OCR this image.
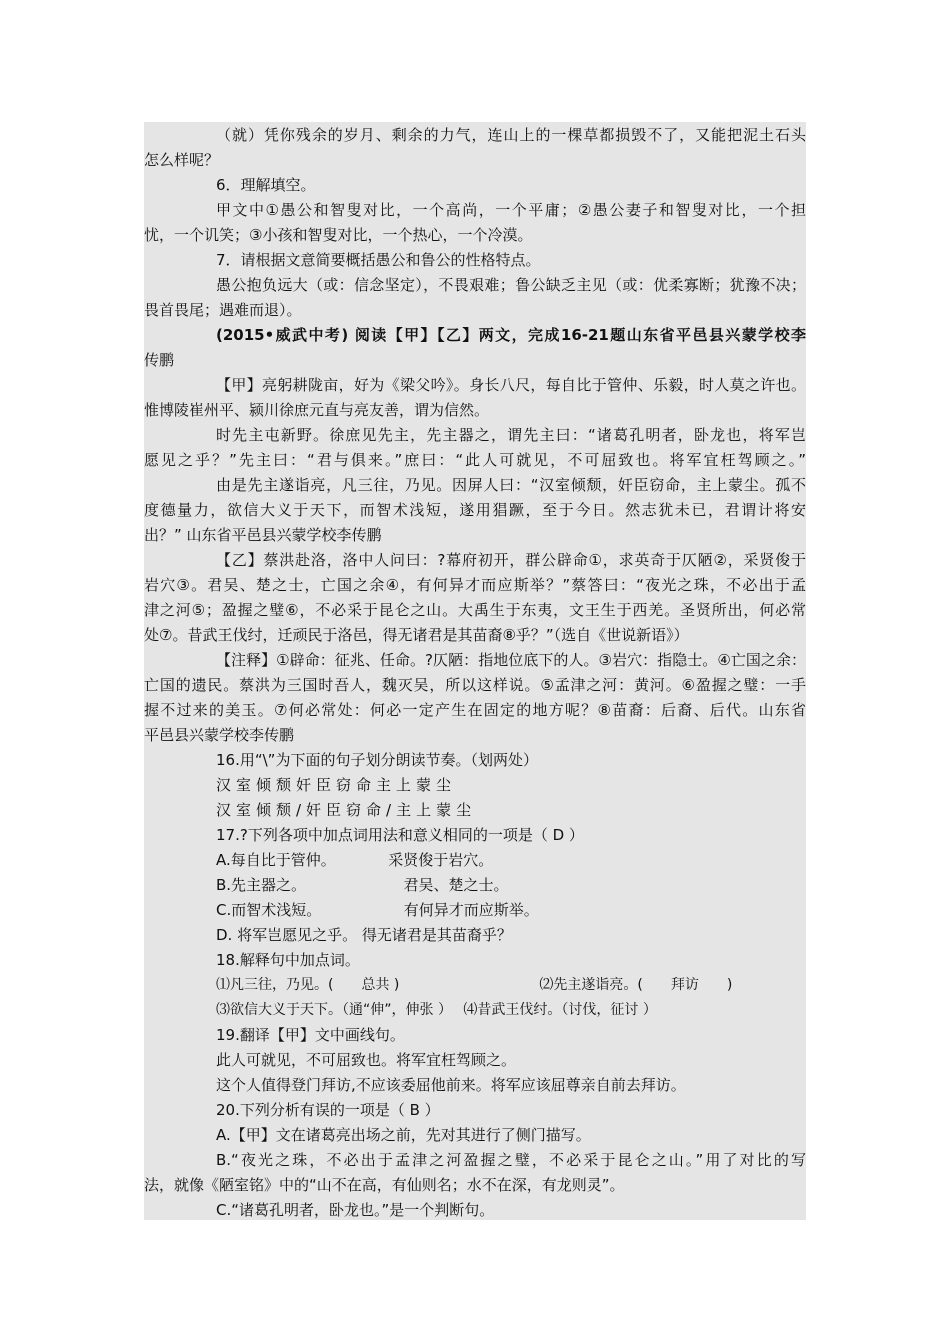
（就）凭你残余的岁月、剩余的力气，连山上的一棵草都损毁不了，又能把泥土石头
怎么样呢？
6．理解填空。
甲文中①愚公和智叟对比，一个高尚，一个平庸；②愚公妻子和智叟对比，一个担
忧，一个讥笑；③小孩和智叟对比，一个热心，一个冷漠。
7．请根据文意简要概括愚公和鲁公的性格特点。
愚公抱负远大（或：信念坚定），不畏艰难；鲁公缺乏主见（或：优柔寡断；犹豫不决；
畏首畏尾；遇难而退）。
(2015•威武中考) 阅读【甲】【乙】两文，完成16-21题山东省平邑县兴蒙学校李
传鹏
【甲】亮躬耕陇亩，好为《梁父吟》。身长八尺，每自比于管仲、乐毅，时人莫之许也。
惟博陵崔州平、颍川徐庶元直与亮友善，谓为信然。
时先主屯新野。徐庶见先主，先主器之，谓先主曰：“诸葛孔明者，卧龙也，将军岂
愿见之乎？”先主曰：“君与俱来。”庶曰：“此人可就见，不可屈致也。将军宜枉驾顾之。”
由是先主遂诣亮，凡三往，乃见。因屏人曰：“汉室倾颓，奸臣窃命，主上蒙尘。孤不
度德量力，欲信大义于天下，而智术浅短，遂用猖蹶，至于今日。然志犹未已，君谓计将安
出？” 山东省平邑县兴蒙学校李传鹏
【乙】蔡洪赴洛，洛中人问曰：?幕府初开，群公辟命①，求英奇于仄陋②，采贤俊于
岩穴③。君吴、楚之士，亡国之余④，有何异才而应斯举？”蔡答曰：“夜光之珠，不必出于孟
津之河⑤；盈握之璧⑥，不必采于昆仑之山。大禹生于东夷，文王生于西羌。圣贤所出，何必常
处⑦。昔武王伐纣，迁顽民于洛邑，得无诸君是其苗裔⑧乎？”（选自《世说新语》）
【注释】①辟命：征兆、任命。?仄陋：指地位底下的人。③岩穴：指隐士。④亡国之余：
亡国的遗民。蔡洪为三国时吾人，魏灭吴，所以这样说。⑤孟津之河：黄河。⑥盈握之璧：一手
握不过来的美玉。⑦何必常处：何必一定产生在固定的地方呢？⑧苗裔：后裔、后代。山东省
平邑县兴蒙学校李传鹏
16.用“\”为下面的句子划分朗读节奏。（划两处）
汉室倾颓奸臣窃命主上蒙尘
汉室倾颓/奸臣窃命/主上蒙尘
17.?下列各项中加点词用法和意义相同的一项是（ D ）
A.每自比于管仲。　　　　采贤俊于岩穴。
B.先主器之。　　　　　　　君吴、楚之士。
C.而智术浅短。　　　　　　有何异才而应斯举。
D. 将军岂愿见之乎。 得无诸君是其苗裔乎？
18.解释句中加点词。
⑴凡三往，乃见。(　　总共 )　　　　　　　　　　⑵先主遂诣亮。(　　拜访　　)
⑶欲信大义于天下。（通“伸”，伸张 ）　 ⑷昔武王伐纣。（讨伐，征讨 ）
19.翻译【甲】文中画线句。
此人可就见，不可屈致也。将军宜枉驾顾之。
这个人值得登门拜访,不应该委屈他前来。将军应该屈尊亲自前去拜访。
20.下列分析有误的一项是（ B ）
A.【甲】文在诸葛亮出场之前，先对其进行了侧门描写。
B.“夜光之珠，不必出于孟津之河盈握之璧，不必采于昆仑之山。”用了对比的写
法，就像《陋室铭》中的“山不在高，有仙则名；水不在深，有龙则灵”。
C.“诸葛孔明者，卧龙也。”是一个判断句。
